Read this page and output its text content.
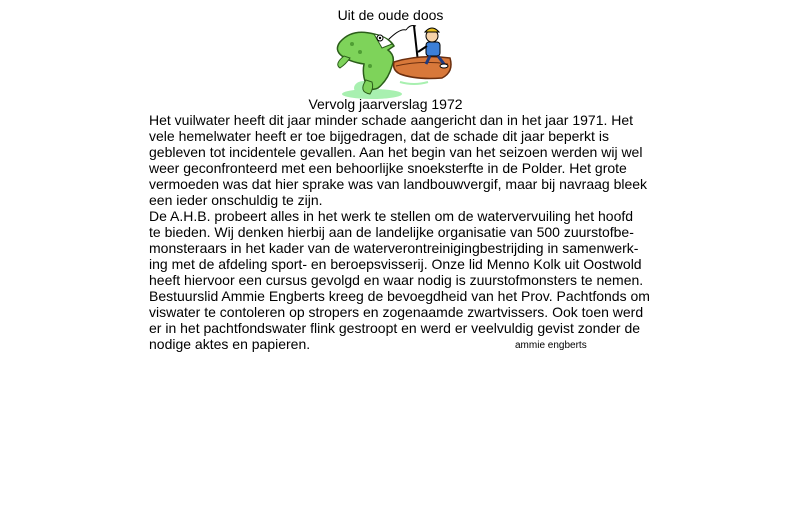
Uit de oude doos
Vervolg jaarverslag 1972
Het vuilwater heeft dit jaar minder schade aangericht dan in het jaar 1971. Het
vele hemelwater heeft er toe bijgedragen, dat de schade dit jaar beperkt is
gebleven tot incidentele gevallen. Aan het begin van het seizoen werden wij wel
weer geconfronteerd met een behoorlijke snoeksterfte in de Polder. Het grote
vermoeden was dat hier sprake was van landbouwvergif, maar bij navraag bleek
een ieder onschuldig te zijn.
De A.H.B. probeert alles in het werk te stellen om de watervervuiling het hoofd
te bieden. Wij denken hierbij aan de landelijke organisatie van 500 zuurstofbe-
monsteraars in het kader van de waterverontreinigingbestrijding in samenwerk-
ing met de afdeling sport- en beroepsvisserij. Onze lid Menno Kolk uit Oostwold
heeft hiervoor een cursus gevolgd en waar nodig is zuurstofmonsters te nemen.
Bestuurslid Ammie Engberts kreeg de bevoegdheid van het Prov. Pachtfonds om
viswater te contoleren op stropers en zogenaamde zwartvissers. Ook toen werd
er in het pachtfondswater flink gestroopt en werd er veelvuldig gevist zonder de
nodige aktes en papieren.	ammie engberts
